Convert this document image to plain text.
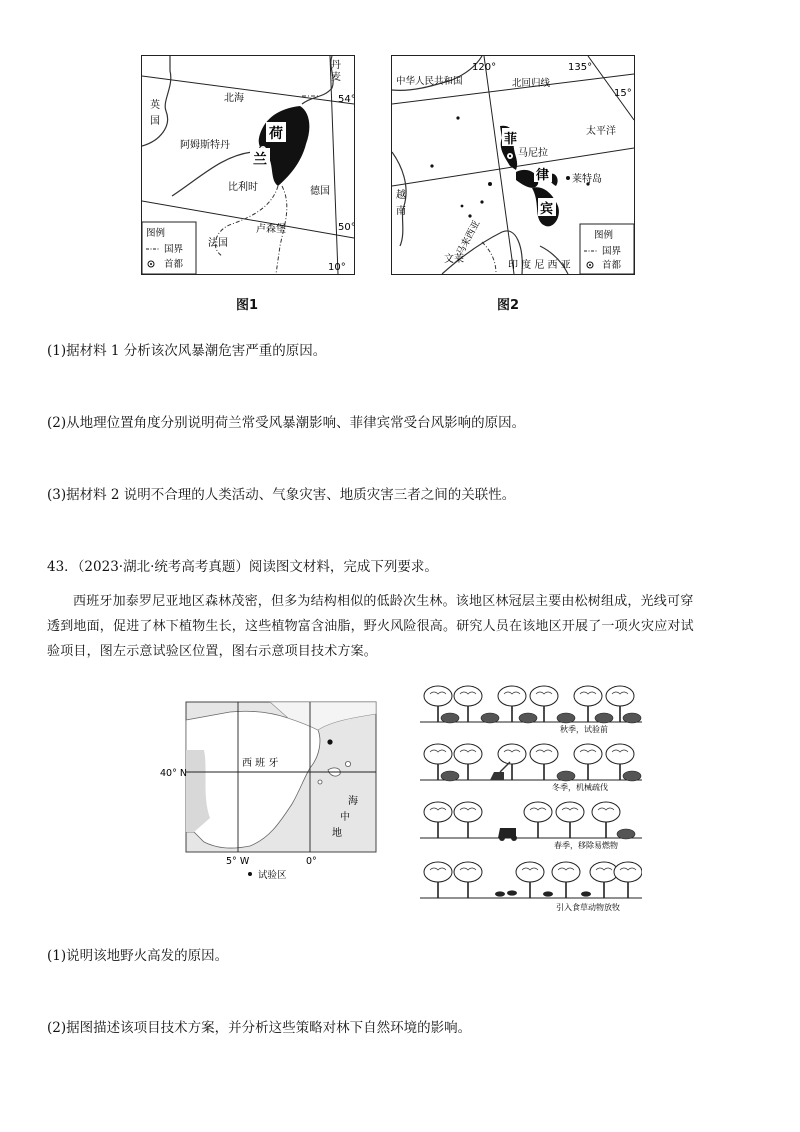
丹
麦
54°
英
国
北海
荷
兰
阿姆斯特丹
比利时	德国
50°
法国
卢森堡
10°
图例
国界
首都
图1
中华人民共和国
120°
北回归线
135°
15°
菲
马尼拉
太平洋
律 莱特岛
宾
越
南
马来西亚
文莱
印 度 尼 西 亚
图例
国界
首都
图2
(1)据材料 1 分析该次风暴潮危害严重的原因。
(2)从地理位置角度分别说明荷兰常受风暴潮影响、菲律宾常受台风影响的原因。
(3)据材料 2 说明不合理的人类活动、气象灾害、地质灾害三者之间的关联性。
43．（2023·湖北·统考高考真题）阅读图文材料，完成下列要求。
西班牙加泰罗尼亚地区森林茂密，但多为结构相似的低龄次生林。该地区林冠层主要由松树组成，光线可穿
透到地面，促进了林下植物生长，这些植物富含油脂，野火风险很高。研究人员在该地区开展了一项火灾应对试
验项目，图左示意试验区位置，图右示意项目技术方案。
西 班 牙
40° N
海
中
地
5° W	0°
试验区
秋季，试验前
冬季，机械疏伐
春季，移除易燃物
引入食草动物放牧
(1)说明该地野火高发的原因。
(2)据图描述该项目技术方案，并分析这些策略对林下自然环境的影响。
